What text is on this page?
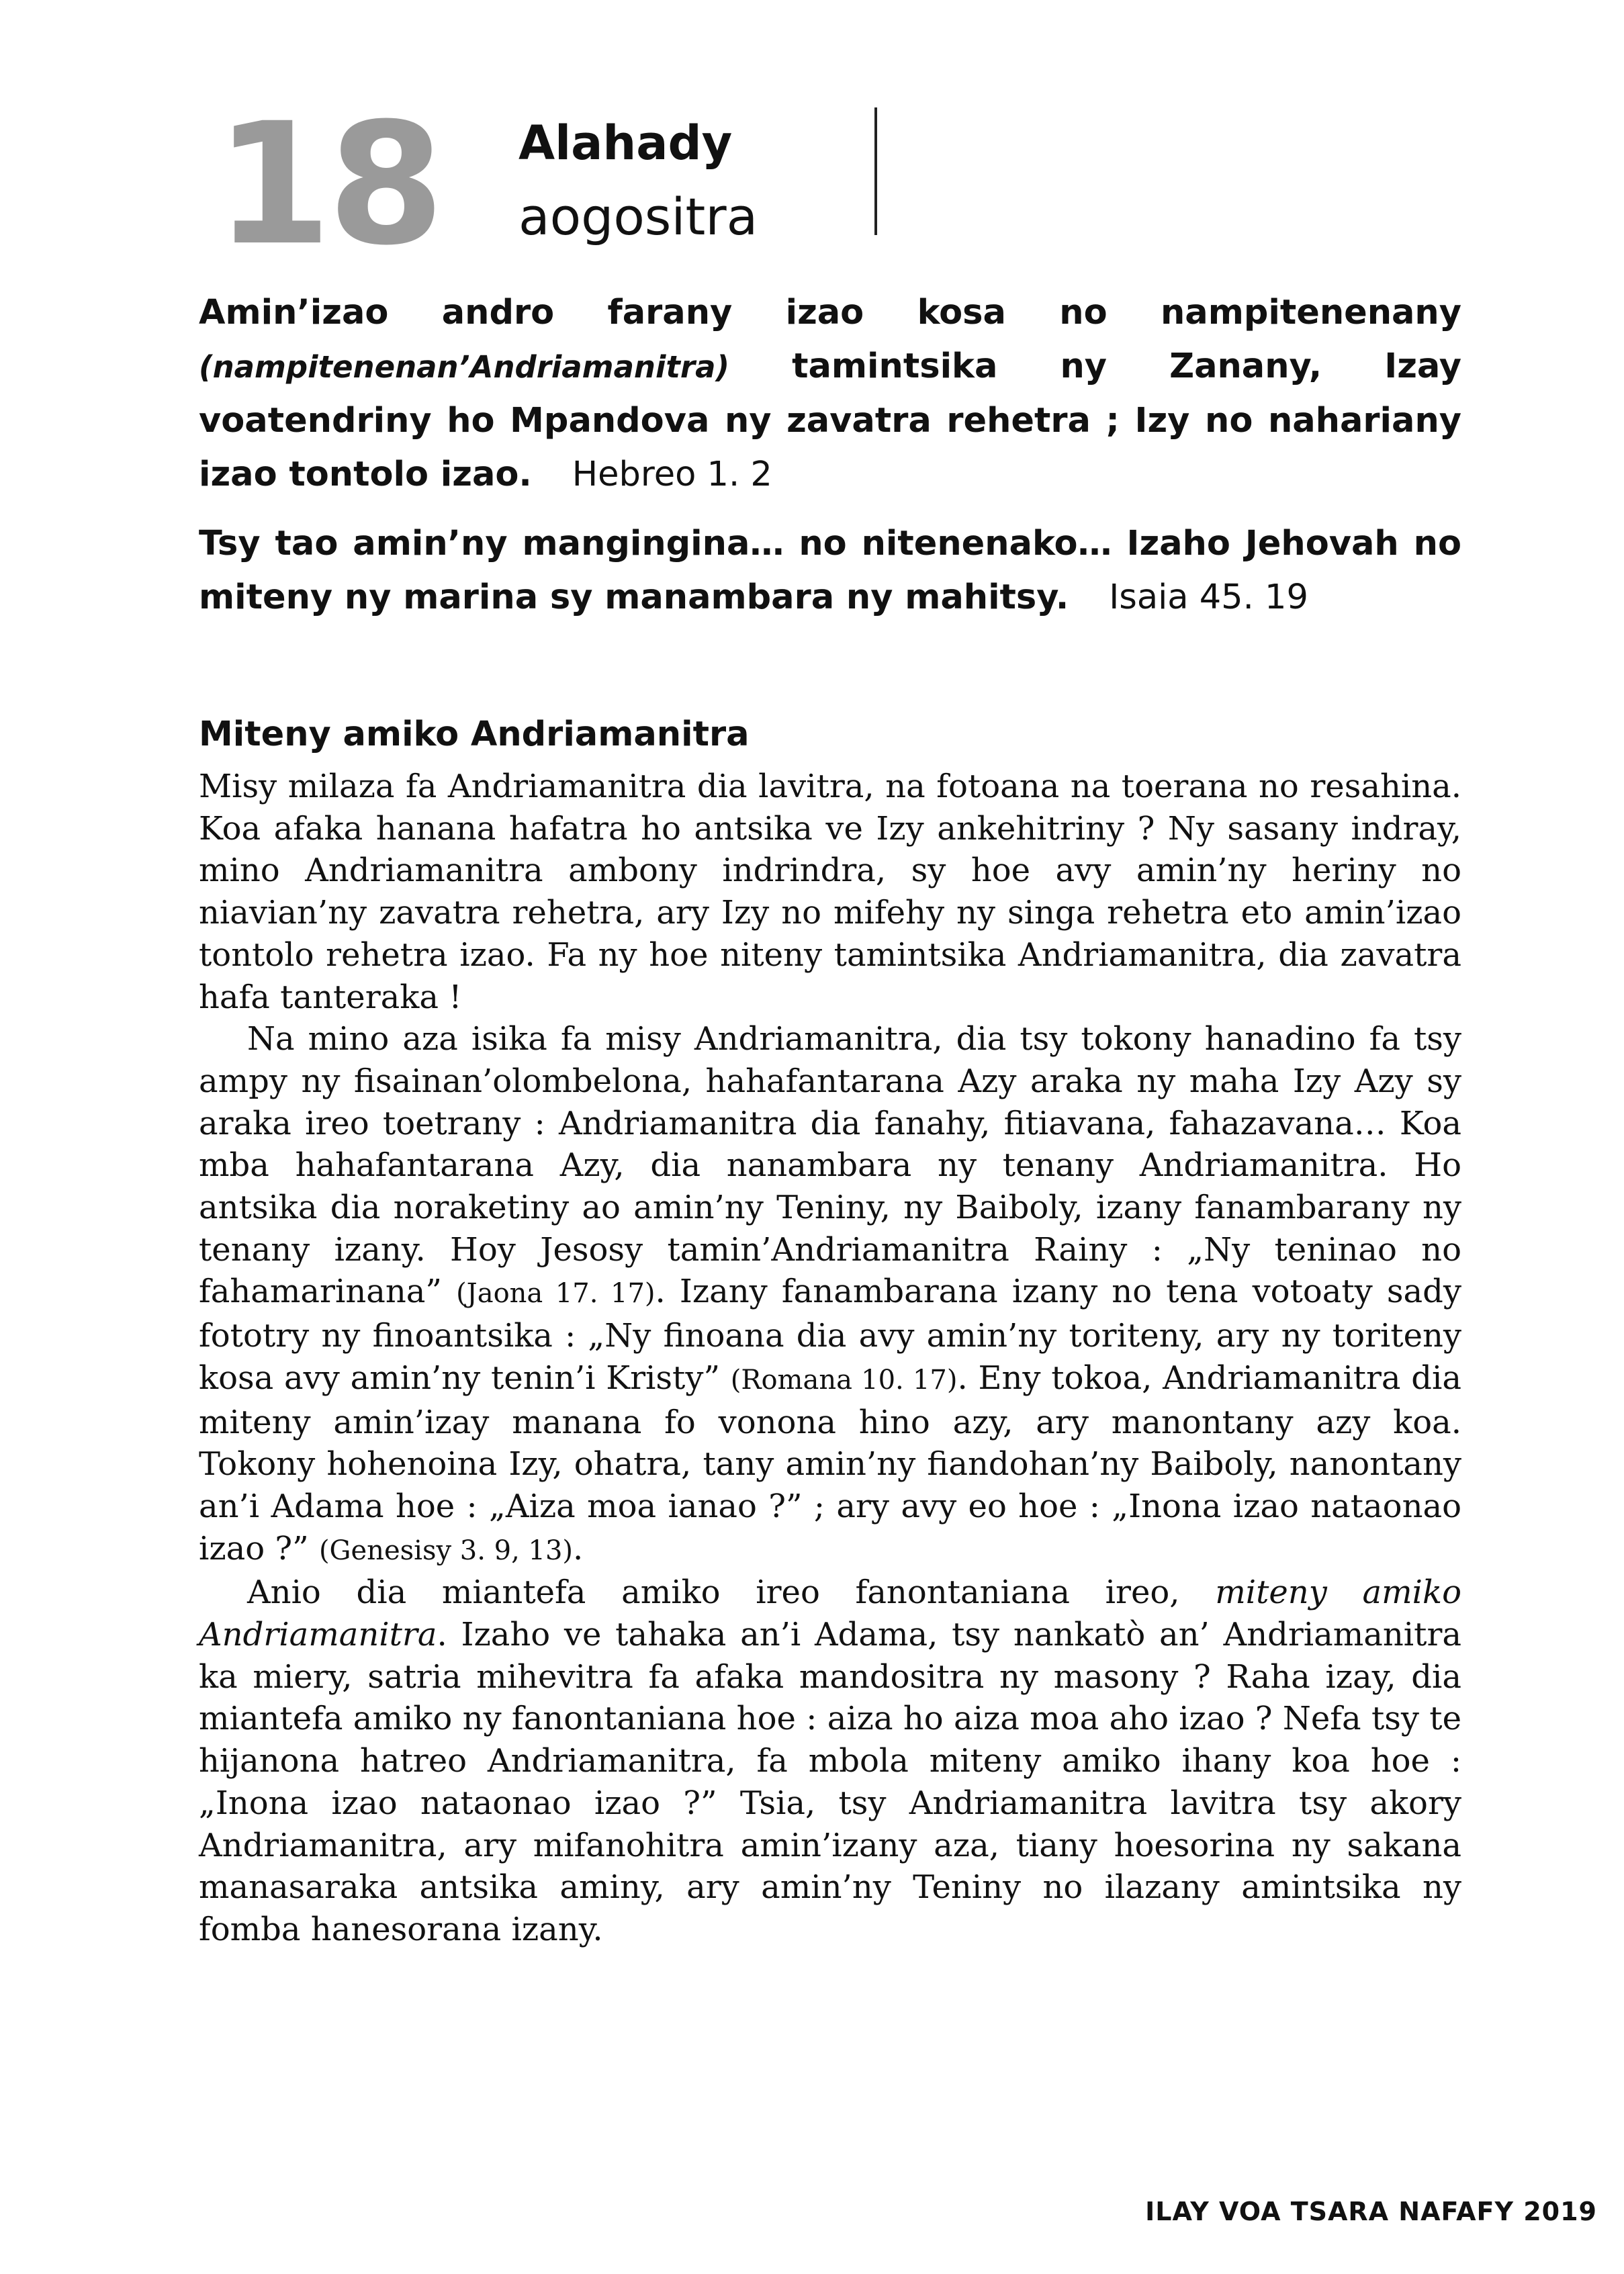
18 Alahady
aogositra

Amin’izao andro farany izao kosa no nampitenenany (nampitenenan’Andriamanitra) tamintsika ny Zanany, Izay voatendriny ho Mpandova ny zavatra rehetra ; Izy no nahariany izao tontolo izao. Hebreo 1. 2

Tsy tao amin’ny mangingina… no nitenenako… Izaho Jehovah no miteny ny marina sy manambara ny mahitsy. Isaia 45. 19

Miteny amiko Andriamanitra

Misy milaza fa Andriamanitra dia lavitra, na fotoana na toerana no resahina. Koa afaka hanana hafatra ho antsika ve Izy ankehitriny ? Ny sasany indray, mino Andriamanitra ambony indrindra, sy hoe avy amin’ny heriny no niavian’ny zavatra rehetra, ary Izy no mifehy ny singa rehetra eto amin’izao tontolo rehetra izao. Fa ny hoe niteny tamintsika Andriamanitra, dia zavatra hafa tanteraka !

Na mino aza isika fa misy Andriamanitra, dia tsy tokony hanadino fa tsy ampy ny fisainan’olombelona, hahafantarana Azy araka ny maha Izy Azy sy araka ireo toetrany : Andriamanitra dia fanahy, fitiavana, fahazavana… Koa mba hahafantarana Azy, dia nanambara ny tenany Andriamanitra. Ho antsika dia noraketiny ao amin’ny Teniny, ny Baiboly, izany fanambarany ny tenany izany. Hoy Jesosy tamin’Andriamanitra Rainy : „Ny teninao no fahamarinana” (Jaona 17. 17). Izany fanambarana izany no tena votoaty sady fototry ny finoantsika : „Ny finoana dia avy amin’ny toriteny, ary ny toriteny kosa avy amin’ny tenin’i Kristy” (Romana 10. 17). Eny tokoa, Andriamanitra dia miteny amin’izay manana fo vonona hino azy, ary manontany azy koa. Tokony hohenoina Izy, ohatra, tany amin’ny fiandohan’ny Baiboly, nanontany an’i Adama hoe : „Aiza moa ianao ?” ; ary avy eo hoe : „Inona izao nataonao izao ?” (Genesisy 3. 9, 13).

Anio dia miantefa amiko ireo fanontaniana ireo, miteny amiko Andriamanitra. Izaho ve tahaka an’i Adama, tsy nankatò an’ Andriamanitra ka miery, satria mihevitra fa afaka mandositra ny masony ? Raha izay, dia miantefa amiko ny fanontaniana hoe : aiza ho aiza moa aho izao ? Nefa tsy te hijanona hatreo Andriamanitra, fa mbola miteny amiko ihany koa hoe : „Inona izao nataonao izao ?” Tsia, tsy Andriamanitra lavitra tsy akory Andriamanitra, ary mifanohitra amin’izany aza, tiany hoesorina ny sakana manasaraka antsika aminy, ary amin’ny Teniny no ilazany amintsika ny fomba hanesorana izany.

ILAY VOA TSARA NAFAFY 2019
